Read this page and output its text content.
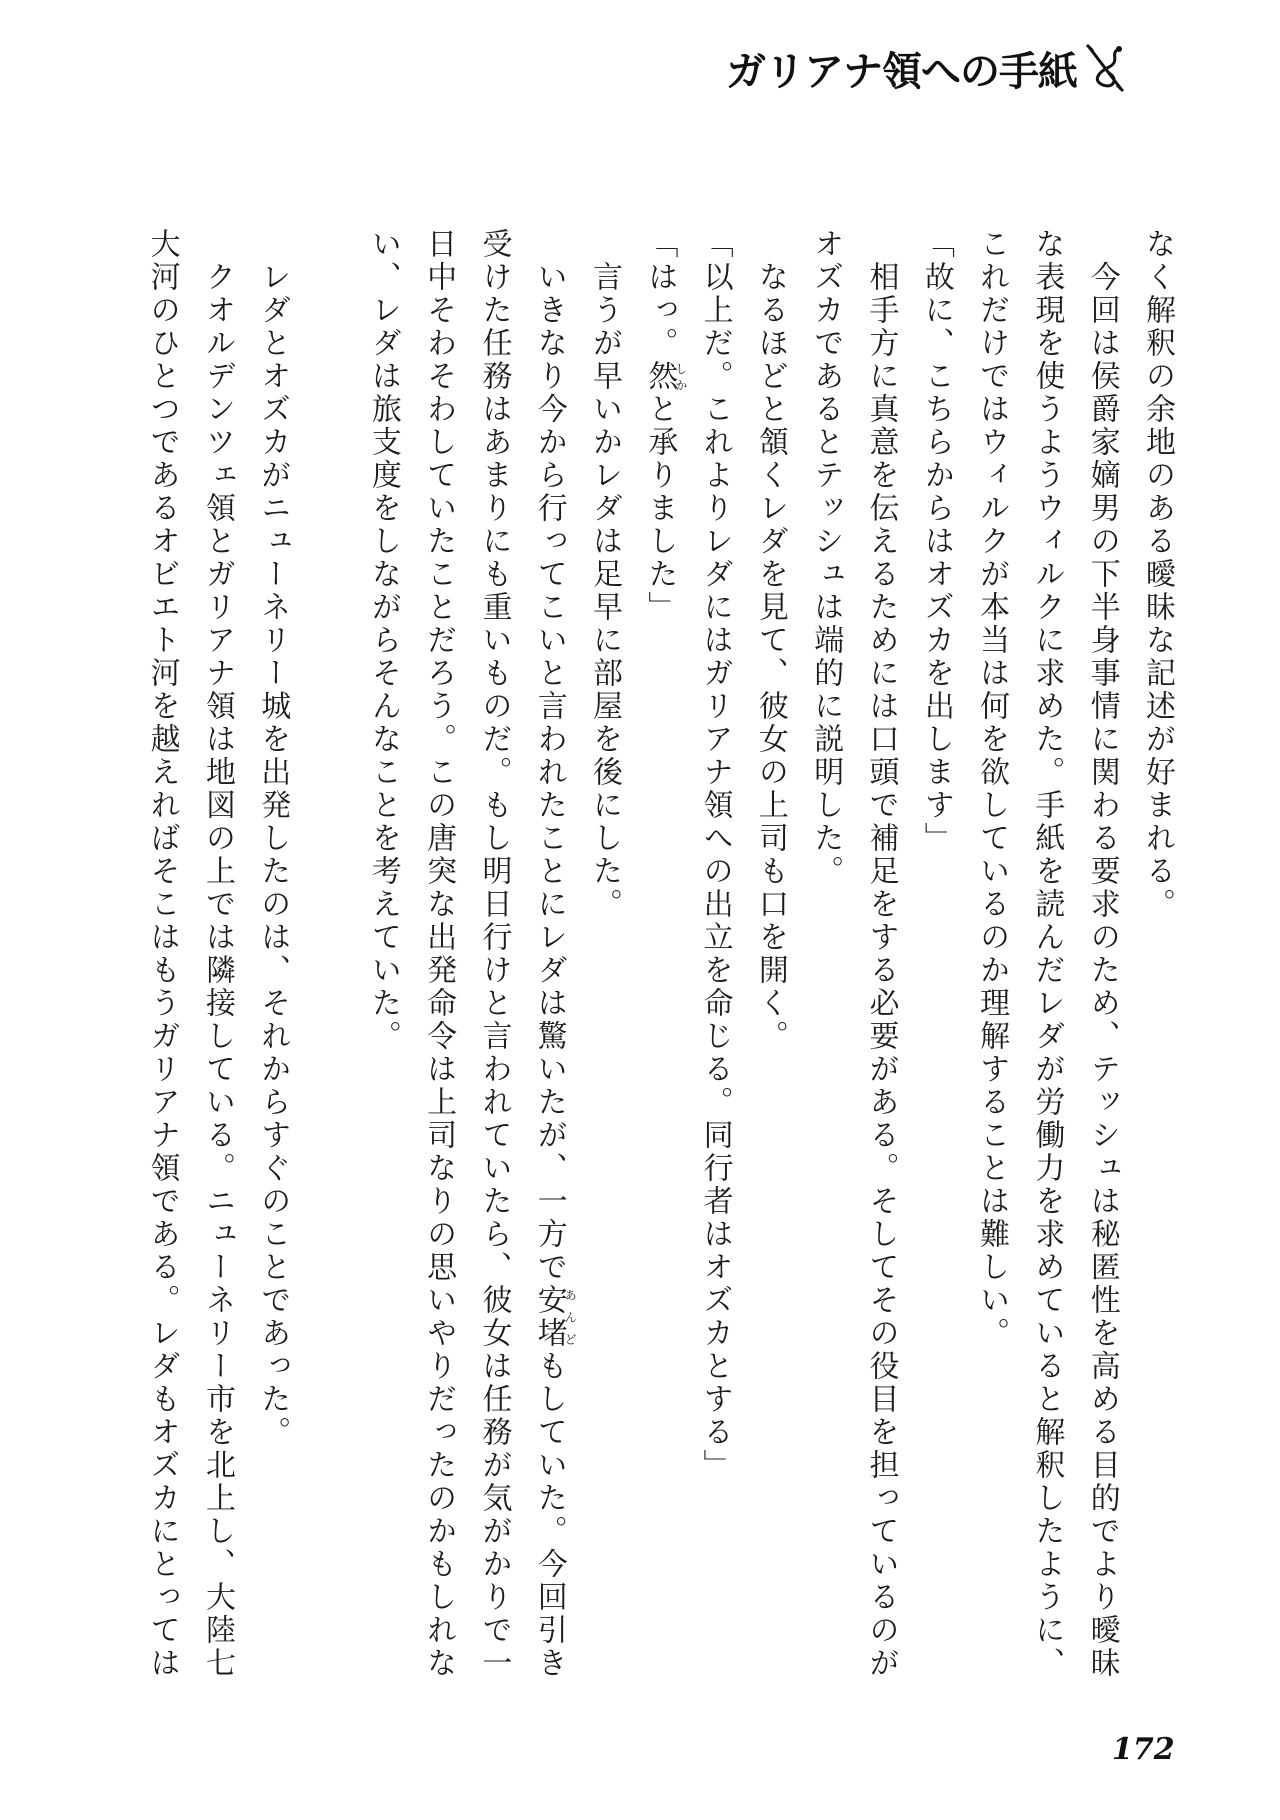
ガリアナ領への手紙
なく解釈の余地のある曖昧な記述が好まれる。
　今回は侯爵家嫡男の下半身事情に関わる要求のため、テッシュは秘匿性を高める目的でより曖昧
な表現を使うようウィルクに求めた。手紙を読んだレダが労働力を求めていると解釈したように、
これだけではウィルクが本当は何を欲しているのか理解することは難しい。
「故に、こちらからはオズカを出します」
　相手方に真意を伝えるためには口頭で補足をする必要がある。そしてその役目を担っているのが
オズカであるとテッシュは端的に説明した。
　なるほどと頷くレダを見て、彼女の上司も口を開く。
「以上だ。これよりレダにはガリアナ領への出立を命じる。同行者はオズカとする」
「はっ。然しかと承りました」
　言うが早いかレダは足早に部屋を後にした。
　いきなり今から行ってこいと言われたことにレダは驚いたが、一方で安堵あんどもしていた。今回引き
受けた任務はあまりにも重いものだ。もし明日行けと言われていたら、彼女は任務が気がかりで一
日中そわそわしていたことだろう。この唐突な出発命令は上司なりの思いやりだったのかもしれな
い、レダは旅支度をしながらそんなことを考えていた。
　レダとオズカがニューネリー城を出発したのは、それからすぐのことであった。
　クオルデンツェ領とガリアナ領は地図の上では隣接している。ニューネリー市を北上し、大陸七
大河のひとつであるオビエト河を越えればそこはもうガリアナ領である。レダもオズカにとっては
172
